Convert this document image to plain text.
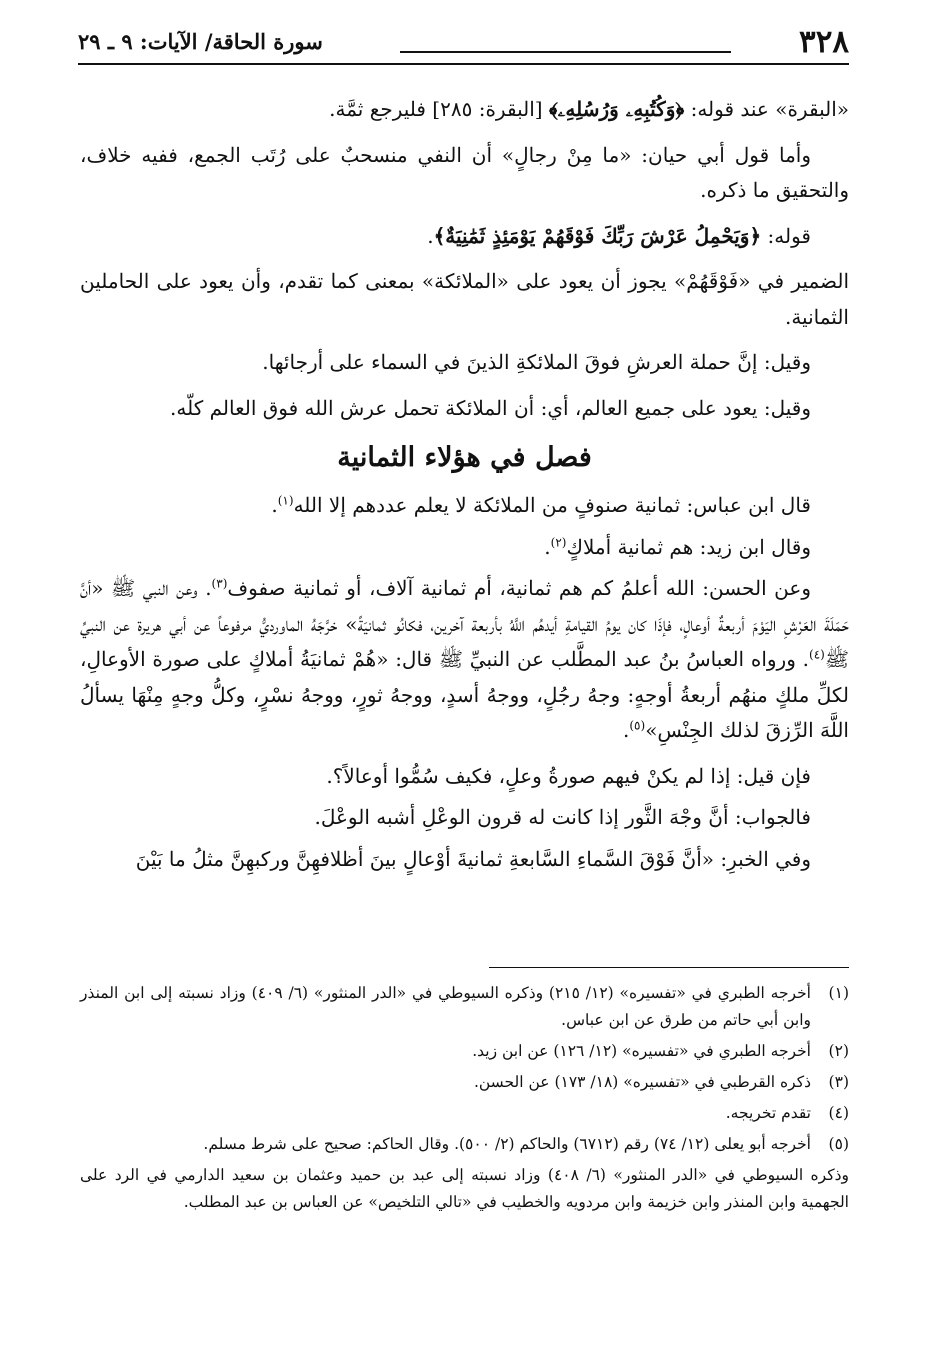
٣٢٨
سورة الحاقة/ الآيات: ٩ ـ ٢٩

«البقرة» عند قوله: ﴿وَكُتُبِهِۦ وَرُسُلِهِۦ﴾ [البقرة: ٢٨٥] فليرجع ثمَّة.

وأما قول أبي حيان: «ما مِنْ رجالٍ» أن النفي منسحبٌ على رُتَب الجمع، ففيه خلاف، والتحقيق ما ذكره.

قوله: ﴿وَيَحْمِلُ عَرْشَ رَبِّكَ فَوْقَهُمْ يَوْمَئِذٍ ثَمَٰنِيَةٌ﴾.

الضمير في «فَوْقَهُمْ» يجوز أن يعود على «الملائكة» بمعنى كما تقدم، وأن يعود على الحاملين الثمانية.

وقيل: إنَّ حملة العرشِ فوقَ الملائكةِ الذينَ في السماء على أرجائها.

وقيل: يعود على جميع العالم، أي: أن الملائكة تحمل عرش الله فوق العالم كلّه.

فصل في هؤلاء الثمانية

قال ابن عباس: ثمانية صنوفٍ من الملائكة لا يعلم عددهم إلا الله$^{(١)}$.

وقال ابن زيد: هم ثمانية أملاكٍ$^{(٢)}$.

وعن الحسن: الله أعلمُ كم هم ثمانية، أم ثمانية آلاف، أو ثمانية صفوف$^{(٣)}$. وعن النبي ﷺ «أنَّ حَمَلَةَ العَرْشِ اليَوْمَ أربعةٌ أوعالٍ، فإذَا كان يومُ القيامةِ أيدهُم اللَّهُ بأربعة آخرين، فكانُو ثمانيَةً» خرَّجَهُ الماورديُّ مرفوعاً عن أبي هريرة عن النبيِّ ﷺ$^{(٤)}$. ورواه العباسُ بنُ عبد المطَّلب عن النبيِّ ﷺ قال: «هُمْ ثمانيَةُ أملاكٍ على صورة الأوعالِ، لكلِّ ملكٍ منهُم أربعةُ أوجهٍ: وجهُ رجُلٍ، ووجهُ أسدٍ، ووجهُ ثورٍ، ووجهُ نسْرٍ، وكلُّ وجهٍ مِنْهَا يسألُ اللَّهَ الرِّزقَ لذلك الجِنْسِ»$^{(٥)}$.

فإن قيل: إذا لم يكنْ فيهم صورةُ وعلٍ، فكيف سُمُّوا أوعالاً؟.

فالجواب: أنَّ وجْهَ الثَّور إذا كانت له قرون الوعْلِ أشبه الوعْلَ.

وفي الخبرِ: «أنَّ فَوْقَ السَّماءِ السَّابعةِ ثمانيةَ أوْعالٍ بينَ أظلافهِنَّ وركبهِنَّ مثلُ ما بَيْنَ

(١)
أخرجه الطبري في «تفسيره» (١٢/ ٢١٥) وذكره السيوطي في «الدر المنثور» (٦/ ٤٠٩) وزاد نسبته إلى ابن المنذر وابن أبي حاتم من طرق عن ابن عباس.
(٢)
أخرجه الطبري في «تفسيره» (١٢/ ١٢٦) عن ابن زيد.
(٣)
ذكره القرطبي في «تفسيره» (١٨/ ١٧٣) عن الحسن.
(٤)
تقدم تخريجه.
(٥)
أخرجه أبو يعلى (١٢/ ٧٤) رقم (٦٧١٢) والحاكم (٢/ ٥٠٠). وقال الحاكم: صحيح على شرط مسلم.
وذكره السيوطي في «الدر المنثور» (٦/ ٤٠٨) وزاد نسبته إلى عبد بن حميد وعثمان بن سعيد الدارمي في الرد على الجهمية وابن المنذر وابن خزيمة وابن مردويه والخطيب في «تالي التلخيص» عن العباس بن عبد المطلب.
